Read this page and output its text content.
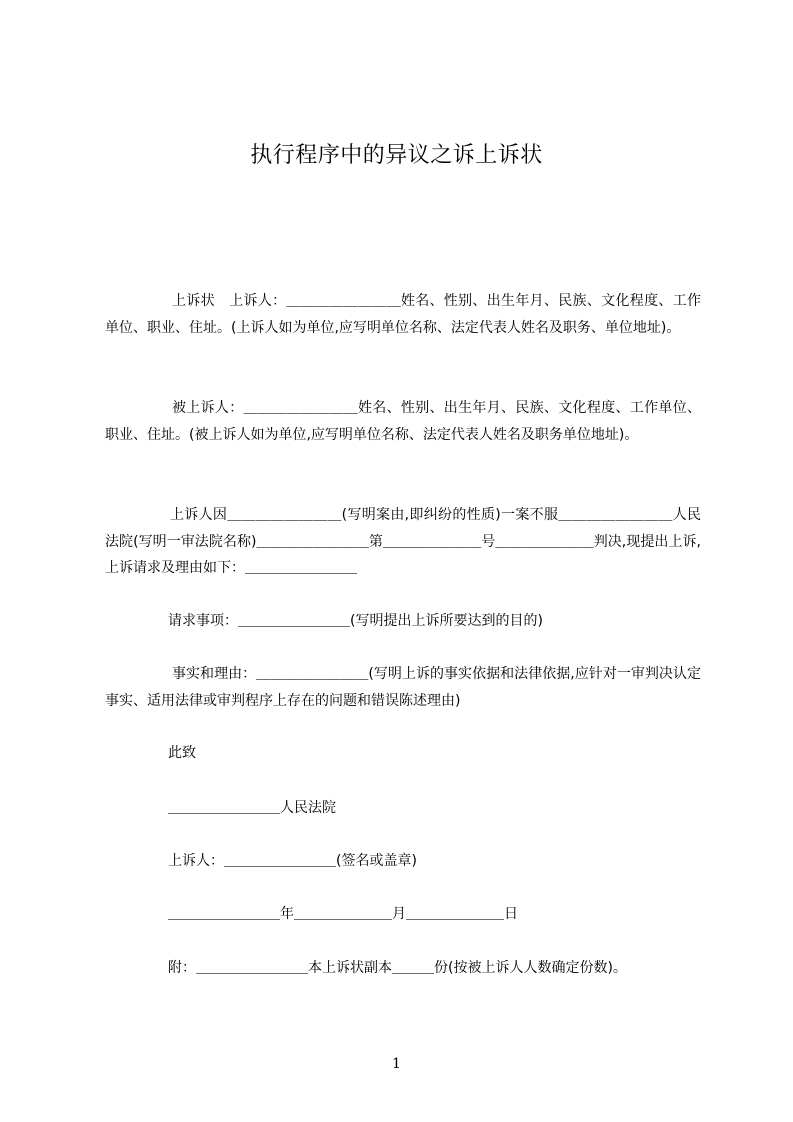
执行程序中的异议之诉上诉状
上诉状　上诉人：＿＿＿＿＿＿＿＿姓名、性别、出生年月、民族、文化程度、工作单位、职业、住址。(上诉人如为单位,应写明单位名称、法定代表人姓名及职务、单位地址)。
被上诉人：＿＿＿＿＿＿＿＿姓名、性别、出生年月、民族、文化程度、工作单位、职业、住址。(被上诉人如为单位,应写明单位名称、法定代表人姓名及职务单位地址)。
上诉人因＿＿＿＿＿＿＿＿(写明案由,即纠纷的性质)一案不服＿＿＿＿＿＿＿＿人民法院(写明一审法院名称)＿＿＿＿＿＿＿＿第＿＿＿＿＿＿＿号＿＿＿＿＿＿＿判决,现提出上诉,上诉请求及理由如下：＿＿＿＿＿＿＿＿
请求事项：＿＿＿＿＿＿＿＿(写明提出上诉所要达到的目的)
事实和理由：＿＿＿＿＿＿＿＿(写明上诉的事实依据和法律依据,应针对一审判决认定事实、适用法律或审判程序上存在的问题和错误陈述理由)
此致
＿＿＿＿＿＿＿＿人民法院
上诉人：＿＿＿＿＿＿＿＿(签名或盖章)
＿＿＿＿＿＿＿＿年＿＿＿＿＿＿＿月＿＿＿＿＿＿＿日
附：＿＿＿＿＿＿＿＿本上诉状副本＿＿＿份(按被上诉人人数确定份数)。
1
